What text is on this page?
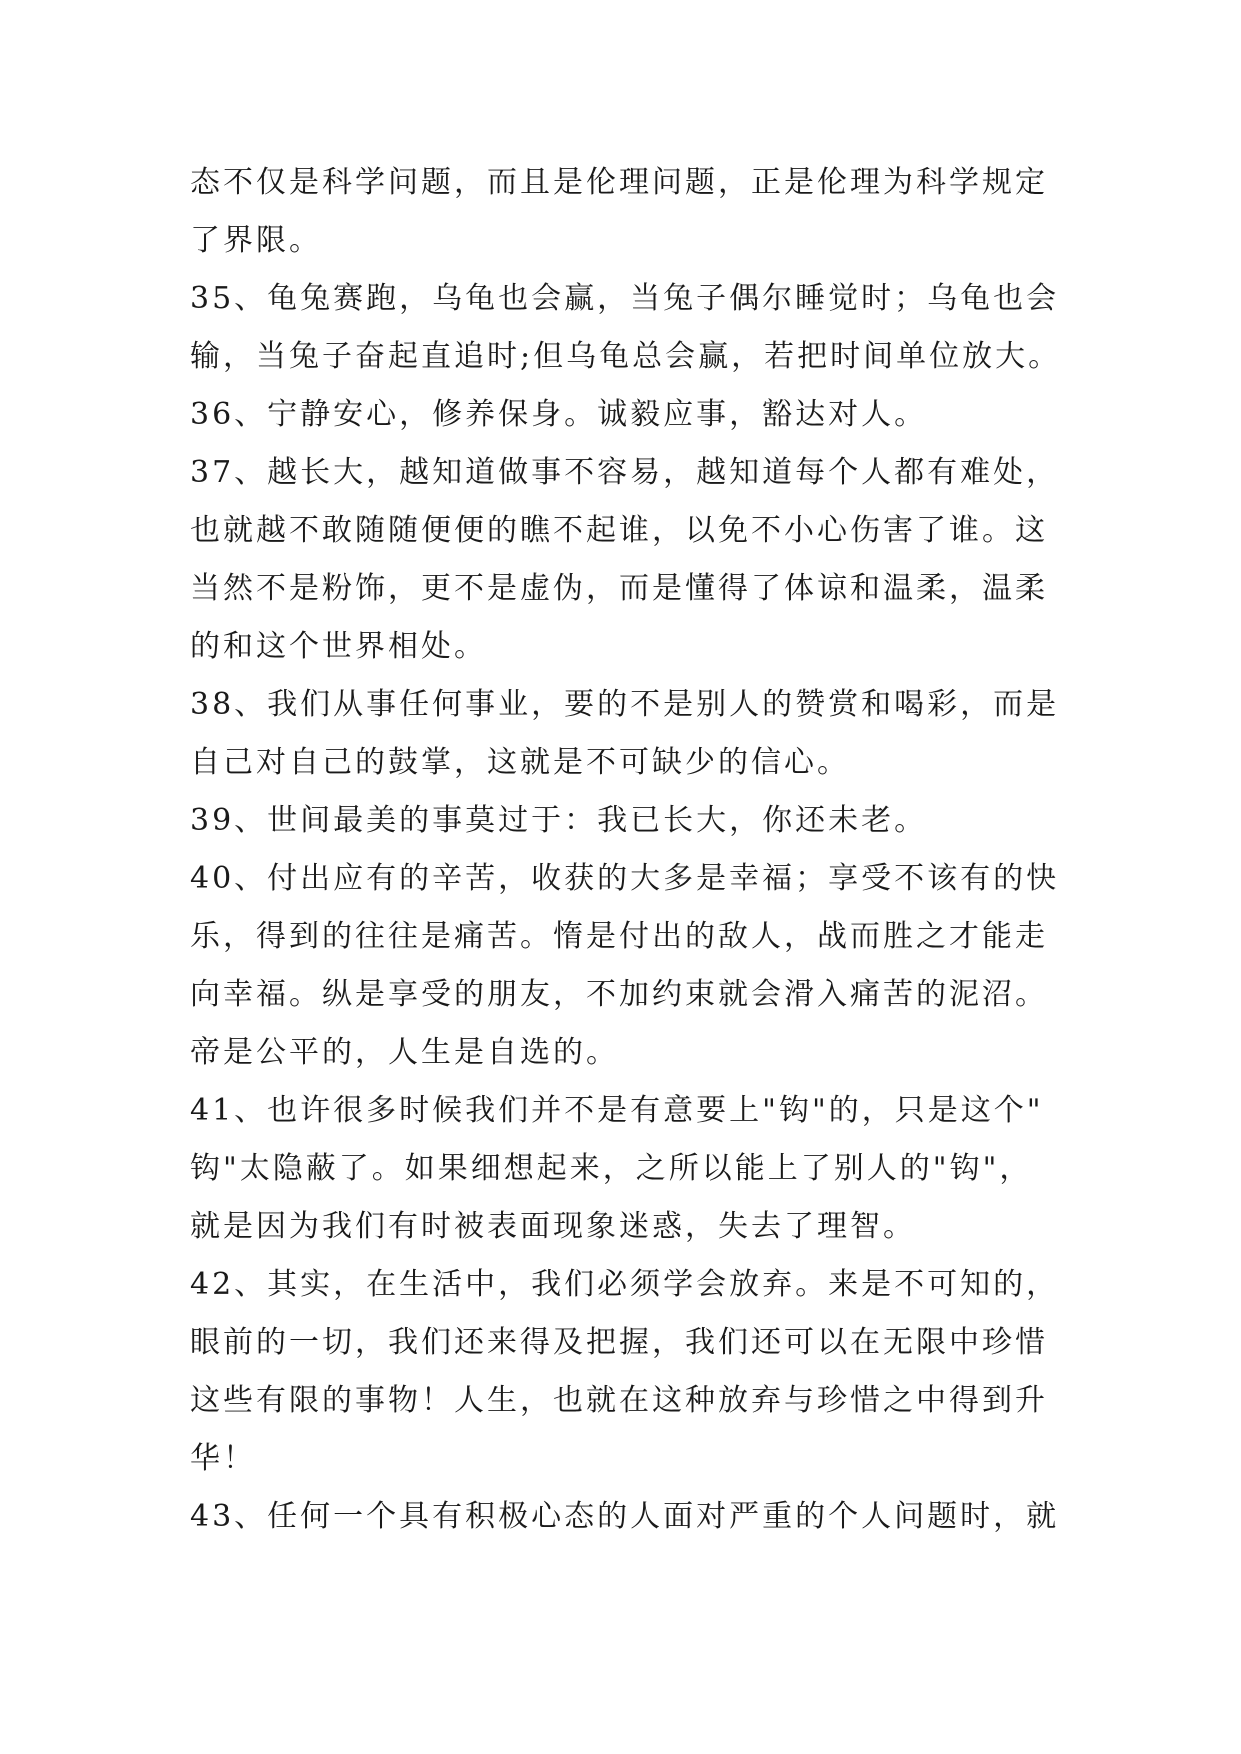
态不仅是科学问题，而且是伦理问题，正是伦理为科学规定
了界限。
35、龟兔赛跑，乌龟也会赢，当兔子偶尔睡觉时；乌龟也会
输，当兔子奋起直追时;但乌龟总会赢，若把时间单位放大。
36、宁静安心，修养保身。诚毅应事，豁达对人。
37、越长大，越知道做事不容易，越知道每个人都有难处，
也就越不敢随随便便的瞧不起谁，以免不小心伤害了谁。这
当然不是粉饰，更不是虚伪，而是懂得了体谅和温柔，温柔
的和这个世界相处。
38、我们从事任何事业，要的不是别人的赞赏和喝彩，而是
自己对自己的鼓掌，这就是不可缺少的信心。
39、世间最美的事莫过于：我已长大，你还未老。
40、付出应有的辛苦，收获的大多是幸福；享受不该有的快
乐，得到的往往是痛苦。惰是付出的敌人，战而胜之才能走
向幸福。纵是享受的朋友，不加约束就会滑入痛苦的泥沼。
帝是公平的，人生是自选的。
41、也许很多时候我们并不是有意要上"钩"的，只是这个"
钩"太隐蔽了。如果细想起来，之所以能上了别人的"钩"，
就是因为我们有时被表面现象迷惑，失去了理智。
42、其实，在生活中，我们必须学会放弃。来是不可知的，
眼前的一切，我们还来得及把握，我们还可以在无限中珍惜
这些有限的事物！人生，也就在这种放弃与珍惜之中得到升
华！
43、任何一个具有积极心态的人面对严重的个人问题时，就
